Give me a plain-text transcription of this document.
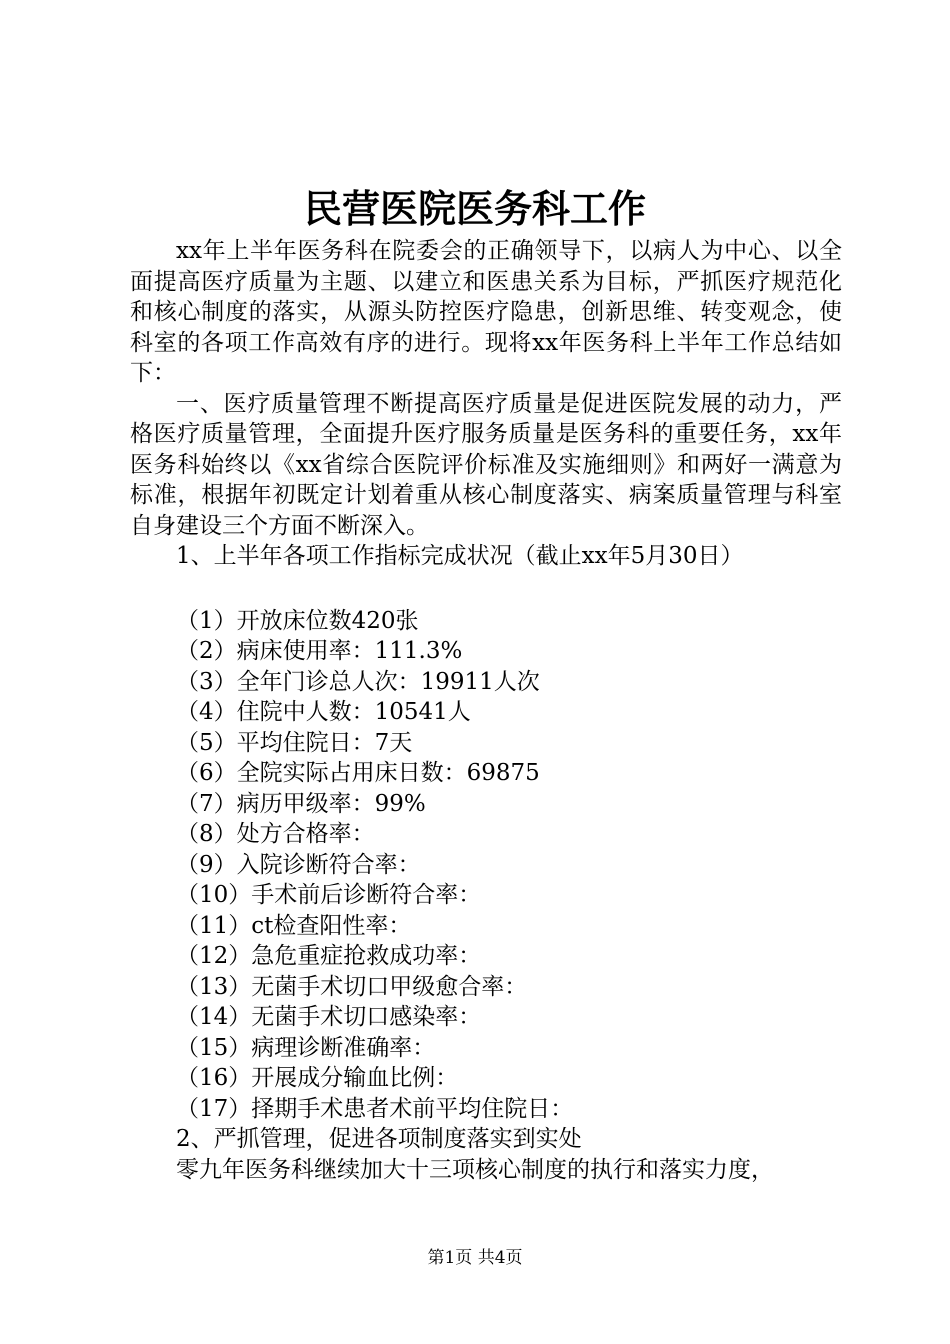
民营医院医务科工作

xx年上半年医务科在院委会的正确领导下，以病人为中心、以全面提高医疗质量为主题、以建立和医患关系为目标，严抓医疗规范化和核心制度的落实，从源头防控医疗隐患，创新思维、转变观念，使科室的各项工作高效有序的进行。现将xx年医务科上半年工作总结如下：

一、医疗质量管理不断提高医疗质量是促进医院发展的动力，严格医疗质量管理，全面提升医疗服务质量是医务科的重要任务，xx年医务科始终以《xx省综合医院评价标准及实施细则》和两好一满意为标准，根据年初既定计划着重从核心制度落实、病案质量管理与科室自身建设三个方面不断深入。

1、上半年各项工作指标完成状况（截止xx年5月30日）

（1）开放床位数420张
（2）病床使用率：111.3%
（3）全年门诊总人次：19911人次
（4）住院中人数：10541人
（5）平均住院日：7天
（6）全院实际占用床日数：69875
（7）病历甲级率：99%
（8）处方合格率：
（9）入院诊断符合率：
（10）手术前后诊断符合率：
（11）ct检查阳性率：
（12）急危重症抢救成功率：
（13）无菌手术切口甲级愈合率：
（14）无菌手术切口感染率：
（15）病理诊断准确率：
（16）开展成分输血比例：
（17）择期手术患者术前平均住院日：

2、严抓管理，促进各项制度落实到实处

零九年医务科继续加大十三项核心制度的执行和落实力度，

第1页 共4页
